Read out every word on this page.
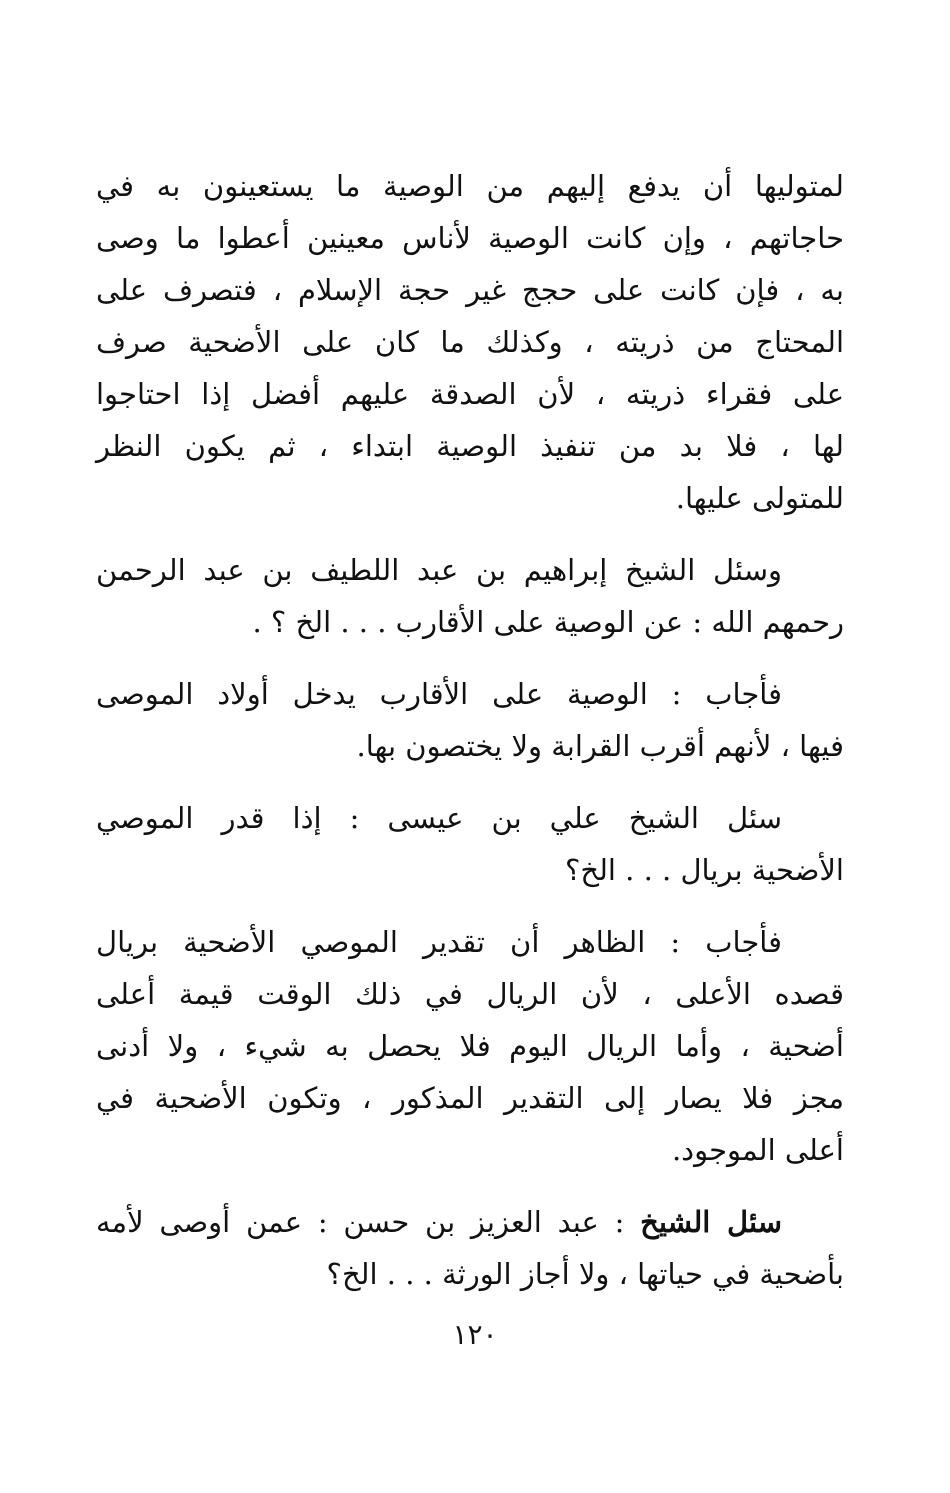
لمتوليها أن يدفع إليهم من الوصية ما يستعينون به في
حاجاتهم ، وإن كانت الوصية لأناس معينين أعطوا ما وصى
به ، فإن كانت على حجج غير حجة الإسلام ، فتصرف على
المحتاج من ذريته ، وكذلك ما كان على الأضحية صرف
على فقراء ذريته ، لأن الصدقة عليهم أفضل إذا احتاجوا
لها ، فلا بد من تنفيذ الوصية ابتداء ، ثم يكون النظر
للمتولى عليها.

وسئل الشيخ إبراهيم بن عبد اللطيف بن عبد الرحمن
رحمهم الله : عن الوصية على الأقارب . . . الخ ؟ .

فأجاب : الوصية على الأقارب يدخل أولاد الموصى
فيها ، لأنهم أقرب القرابة ولا يختصون بها.

سئل الشيخ علي بن عيسى : إذا قدر الموصي
الأضحية بريال . . . الخ؟

فأجاب : الظاهر أن تقدير الموصي الأضحية بريال
قصده الأعلى ، لأن الريال في ذلك الوقت قيمة أعلى
أضحية ، وأما الريال اليوم فلا يحصل به شيء ، ولا أدنى
مجز فلا يصار إلى التقدير المذكور ، وتكون الأضحية في
أعلى الموجود.

سئل الشيخ : عبد العزيز بن حسن : عمن أوصى لأمه
بأضحية في حياتها ، ولا أجاز الورثة . . . الخ؟

١٢٠
